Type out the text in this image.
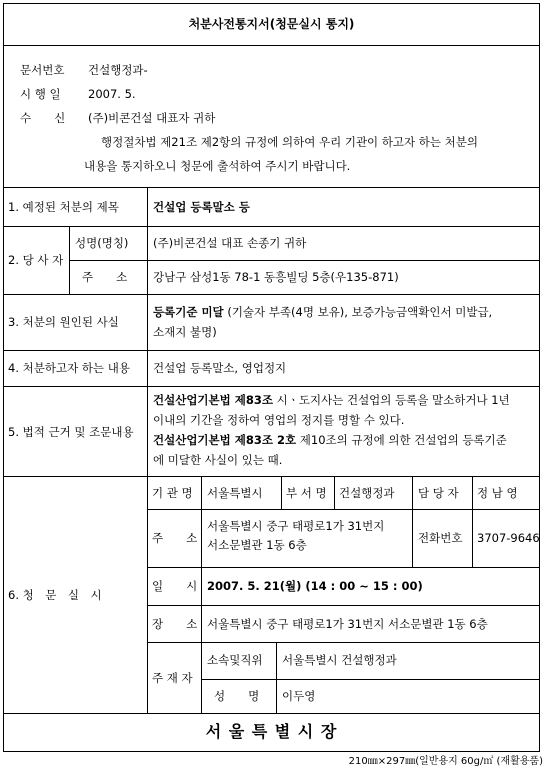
처분사전통지서(청문실시 통지)
문서번호 건설행정과-
시 행 일 2007. 5.
수　　신 (주)비콘건설 대표자 귀하
행정절차법 제21조 제2항의 규정에 의하여 우리 기관이 하고자 하는 처분의
내용을 통지하오니 청문에 출석하여 주시기 바랍니다.
1. 예정된 처분의 제목	건설업 등록말소 등
2. 당 사 자
성명(명칭) (주)비콘건설 대표 손종기 귀하
주　　소 강남구 삼성1동 78-1 동흥빌딩 5층(우135-871)
3. 처분의 원인된 사실
등록기준 미달 (기술자 부족(4명 보유), 보증가능금액확인서 미발급,
소재지 불명)
4. 처분하고자 하는 내용 건설업 등록말소, 영업정지
5. 법적 근거 및 조문내용
건설산업기본법 제83조 시ㆍ도지사는 건설업의 등록을 말소하거나 1년
이내의 기간을 정하여 영업의 정지를 명할 수 있다.
건설산업기본법 제83조 2호 제10조의 규정에 의한 건설업의 등록기준
에 미달한 사실이 있는 때.
6. 청　문　실　시
기 관 명 서울특별시 부 서 명 건설행정과 담 당 자 정 남 영
주　　소
서울특별시 중구 태평로1가 31번지
서소문별관 1동 6층	전화번호 3707-9646
일　　시 2007. 5. 21(월) (14 : 00 ~ 15 : 00)
장　　소 서울특별시 중구 태평로1가 31번지 서소문별관 1동 6층
주 재 자
소속및직위 서울특별시 건설행정과
성　　명 이두영
서 울 특 별 시 장
210㎜×297㎜(일반용지 60g/㎡ (재활용품)
